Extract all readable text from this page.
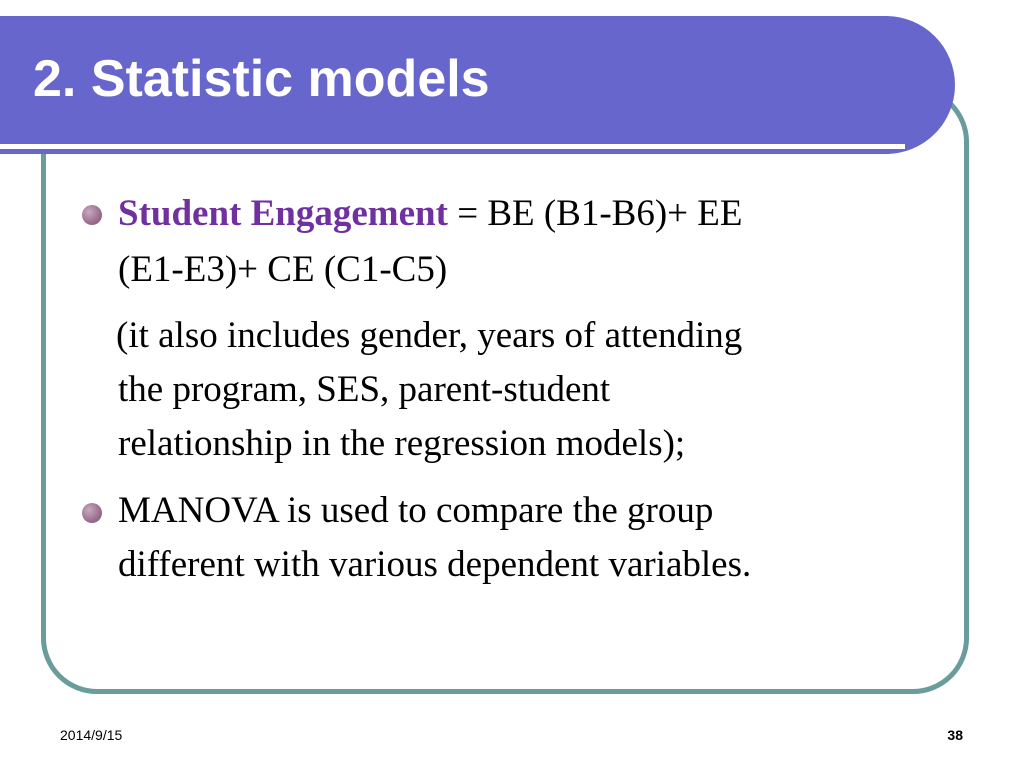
2. Statistic models
Student Engagement = BE (B1-B6)+ EE
(E1-E3)+ CE (C1-C5)
(it also includes gender, years of attending
the program, SES, parent-student
relationship in the regression models);
MANOVA is used to compare the group
different with various dependent variables.
2014/9/15	38
